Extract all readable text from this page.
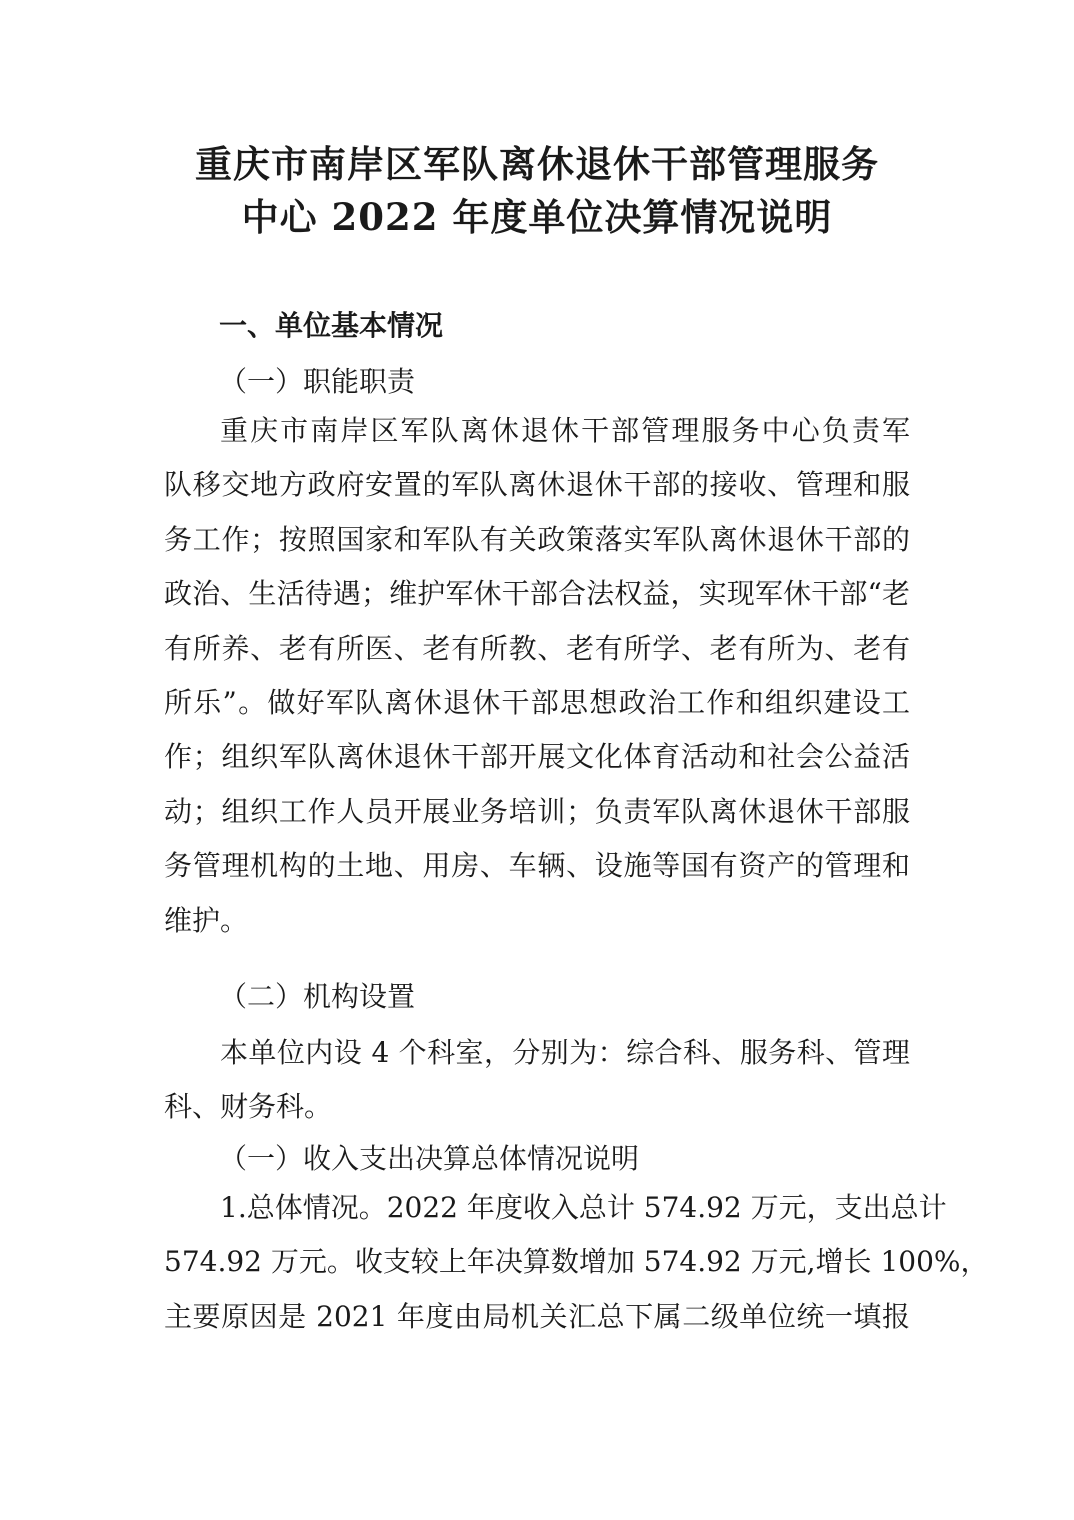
重庆市南岸区军队离休退休干部管理服务
中心 2022 年度单位决算情况说明
一、单位基本情况
（一）职能职责
重庆市南岸区军队离休退休干部管理服务中心负责军
队移交地方政府安置的军队离休退休干部的接收、管理和服
务工作；按照国家和军队有关政策落实军队离休退休干部的
政治、生活待遇；维护军休干部合法权益，实现军休干部“老
有所养、老有所医、老有所教、老有所学、老有所为、老有
所乐”。做好军队离休退休干部思想政治工作和组织建设工
作；组织军队离休退休干部开展文化体育活动和社会公益活
动；组织工作人员开展业务培训；负责军队离休退休干部服
务管理机构的土地、用房、车辆、设施等国有资产的管理和
维护。
（二）机构设置
本单位内设 4 个科室，分别为：综合科、服务科、管理
科、财务科。
（一）收入支出决算总体情况说明
1.总体情况。2022 年度收入总计 574.92 万元，支出总计
574.92 万元。收支较上年决算数增加 574.92 万元,增长 100%，
主要原因是 2021 年度由局机关汇总下属二级单位统一填报
